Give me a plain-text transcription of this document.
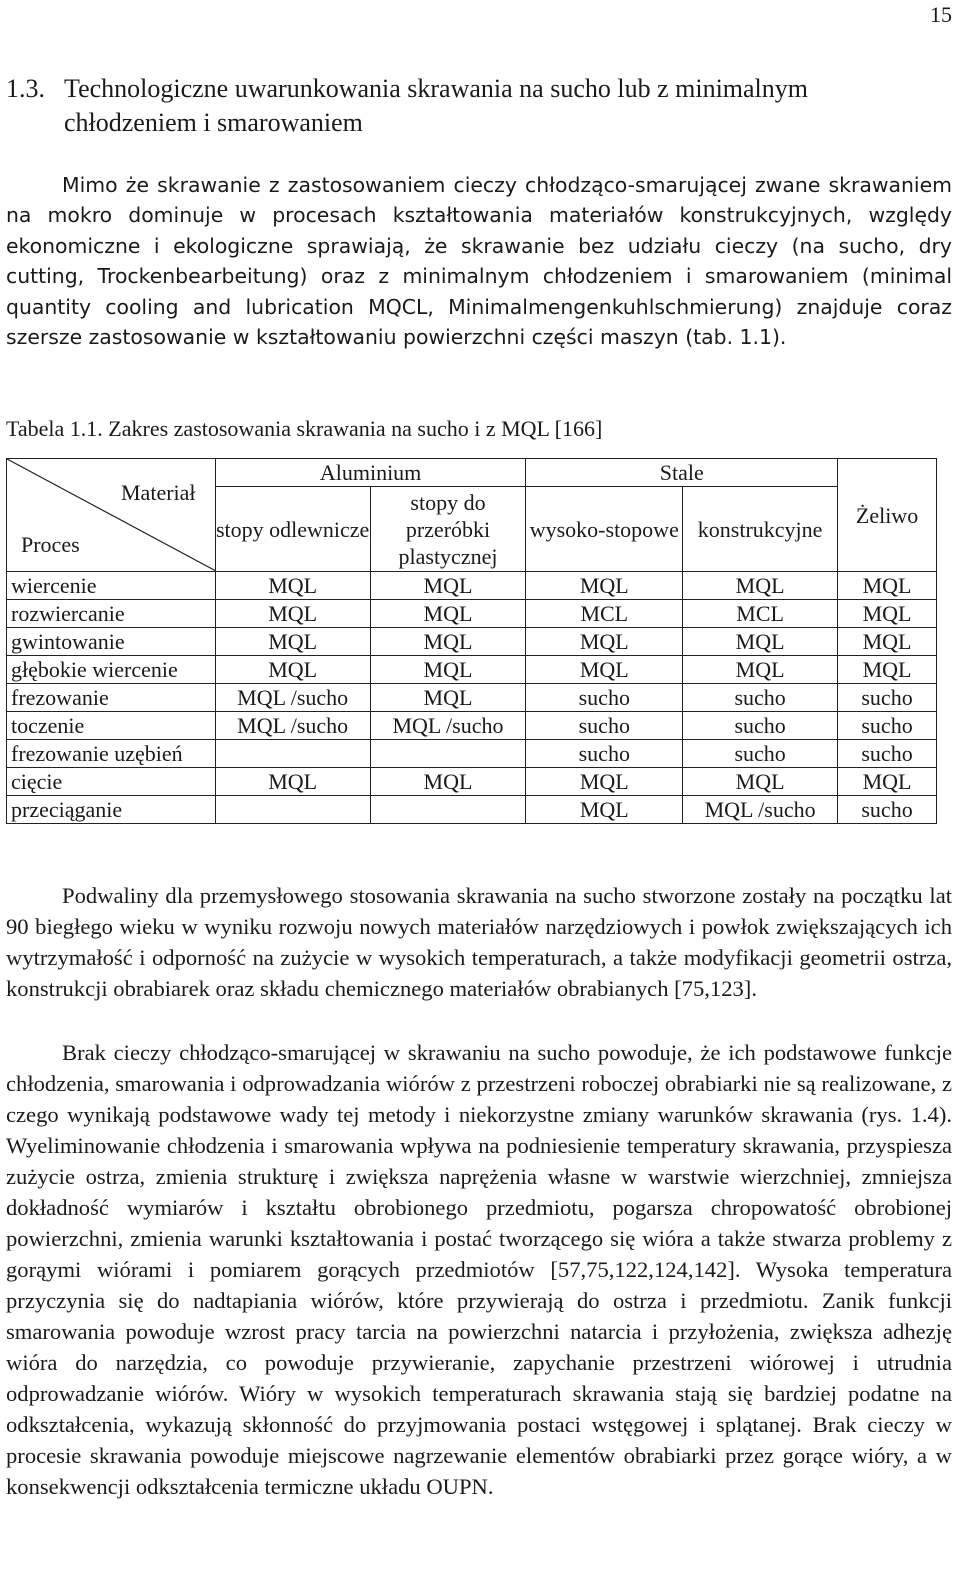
15
1.3. Technologiczne uwarunkowania skrawania na sucho lub z minimalnym
chłodzeniem i smarowaniem

Mimo że skrawanie z zastosowaniem cieczy chłodząco-smarującej zwane skrawaniem na mokro dominuje w procesach kształtowania materiałów konstrukcyjnych, względy ekonomiczne i ekologiczne sprawiają, że skrawanie bez udziału cieczy (na sucho, dry cutting, Trockenbearbeitung) oraz z minimalnym chłodzeniem i smarowaniem (minimal quantity cooling and lubrication MQCL, Minimalmengenkuhlschmierung) znajduje coraz szersze zastosowanie w kształtowaniu powierzchni części maszyn (tab. 1.1).

Tabela 1.1. Zakres zastosowania skrawania na sucho i z MQL [166]
Materiał
Proces	Aluminium		Stale		Żeliwo
	stopy odlewnicze	stopy do przeróbki plastycznej	wysoko-stopowe	konstrukcyjne	
wiercenie	MQL	MQL	MQL	MQL	MQL
rozwiercanie	MQL	MQL	MCL	MCL	MQL
gwintowanie	MQL	MQL	MQL	MQL	MQL
głębokie wiercenie	MQL	MQL	MQL	MQL	MQL
frezowanie	MQL /sucho	MQL	sucho	sucho	sucho
toczenie	MQL /sucho	MQL /sucho	sucho	sucho	sucho
frezowanie uzębień			sucho	sucho	sucho
cięcie	MQL	MQL	MQL	MQL	MQL
przeciąganie			MQL	MQL /sucho	sucho

Podwaliny dla przemysłowego stosowania skrawania na sucho stworzone zostały na początku lat 90 biegłego wieku w wyniku rozwoju nowych materiałów narzędziowych i powłok zwiększających ich wytrzymałość i odporność na zużycie w wysokich temperaturach, a także modyfikacji geometrii ostrza, konstrukcji obrabiarek oraz składu chemicznego materiałów obrabianych [75,123].

Brak cieczy chłodząco-smarującej w skrawaniu na sucho powoduje, że ich podstawowe funkcje chłodzenia, smarowania i odprowadzania wiórów z przestrzeni roboczej obrabiarki nie są realizowane, z czego wynikają podstawowe wady tej metody i niekorzystne zmiany warunków skrawania (rys. 1.4). Wyeliminowanie chłodzenia i smarowania wpływa na podniesienie temperatury skrawania, przyspiesza zużycie ostrza, zmienia strukturę i zwiększa naprężenia własne w warstwie wierzchniej, zmniejsza dokładność wymiarów i kształtu obrobionego przedmiotu, pogarsza chropowatość obrobionej powierzchni, zmienia warunki kształtowania i postać tworzącego się wióra a także stwarza problemy z gorąymi wiórami i pomiarem gorących przedmiotów [57,75,122,124,142]. Wysoka temperatura przyczynia się do nadtapiania wiórów, które przywierają do ostrza i przedmiotu. Zanik funkcji smarowania powoduje wzrost pracy tarcia na powierzchni natarcia i przyłożenia, zwiększa adhezję wióra do narzędzia, co powoduje przywieranie, zapychanie przestrzeni wiórowej i utrudnia odprowadzanie wiórów. Wióry w wysokich temperaturach skrawania stają się bardziej podatne na odkształcenia, wykazują skłonność do przyjmowania postaci wstęgowej i splątanej. Brak cieczy w procesie skrawania powoduje miejscowe nagrzewanie elementów obrabiarki przez gorące wióry, a w konsekwencji odkształcenia termiczne układu OUPN.
